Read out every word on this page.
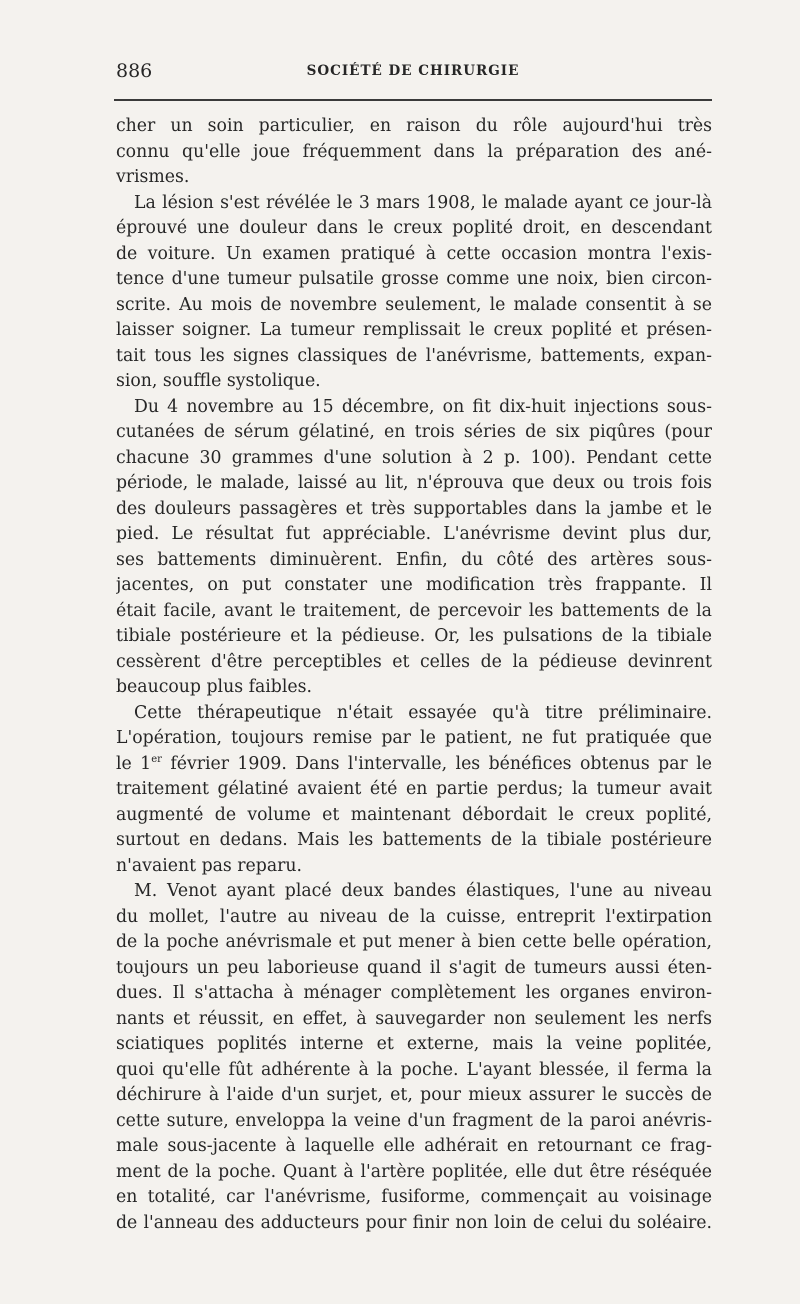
886	SOCIÉTÉ DE CHIRURGIE
cher un soin particulier, en raison du rôle aujourd'hui très
connu qu'elle joue fréquemment dans la préparation des ané-
vrismes.
La lésion s'est révélée le 3 mars 1908, le malade ayant ce jour-là
éprouvé une douleur dans le creux poplité droit, en descendant
de voiture. Un examen pratiqué à cette occasion montra l'exis-
tence d'une tumeur pulsatile grosse comme une noix, bien circon-
scrite. Au mois de novembre seulement, le malade consentit à se
laisser soigner. La tumeur remplissait le creux poplité et présen-
tait tous les signes classiques de l'anévrisme, battements, expan-
sion, souffle systolique.
Du 4 novembre au 15 décembre, on fit dix-huit injections sous-
cutanées de sérum gélatiné, en trois séries de six piqûres (pour
chacune 30 grammes d'une solution à 2 p. 100). Pendant cette
période, le malade, laissé au lit, n'éprouva que deux ou trois fois
des douleurs passagères et très supportables dans la jambe et le
pied. Le résultat fut appréciable. L'anévrisme devint plus dur,
ses battements diminuèrent. Enfin, du côté des artères sous-
jacentes, on put constater une modification très frappante. Il
était facile, avant le traitement, de percevoir les battements de la
tibiale postérieure et la pédieuse. Or, les pulsations de la tibiale
cessèrent d'être perceptibles et celles de la pédieuse devinrent
beaucoup plus faibles.
Cette thérapeutique n'était essayée qu'à titre préliminaire.
L'opération, toujours remise par le patient, ne fut pratiquée que
le 1er février 1909. Dans l'intervalle, les bénéfices obtenus par le
traitement gélatiné avaient été en partie perdus; la tumeur avait
augmenté de volume et maintenant débordait le creux poplité,
surtout en dedans. Mais les battements de la tibiale postérieure
n'avaient pas reparu.
M. Venot ayant placé deux bandes élastiques, l'une au niveau
du mollet, l'autre au niveau de la cuisse, entreprit l'extirpation
de la poche anévrismale et put mener à bien cette belle opération,
toujours un peu laborieuse quand il s'agit de tumeurs aussi éten-
dues. Il s'attacha à ménager complètement les organes environ-
nants et réussit, en effet, à sauvegarder non seulement les nerfs
sciatiques poplités interne et externe, mais la veine poplitée,
quoi qu'elle fût adhérente à la poche. L'ayant blessée, il ferma la
déchirure à l'aide d'un surjet, et, pour mieux assurer le succès de
cette suture, enveloppa la veine d'un fragment de la paroi anévris-
male sous-jacente à laquelle elle adhérait en retournant ce frag-
ment de la poche. Quant à l'artère poplitée, elle dut être réséquée
en totalité, car l'anévrisme, fusiforme, commençait au voisinage
de l'anneau des adducteurs pour finir non loin de celui du soléaire.
